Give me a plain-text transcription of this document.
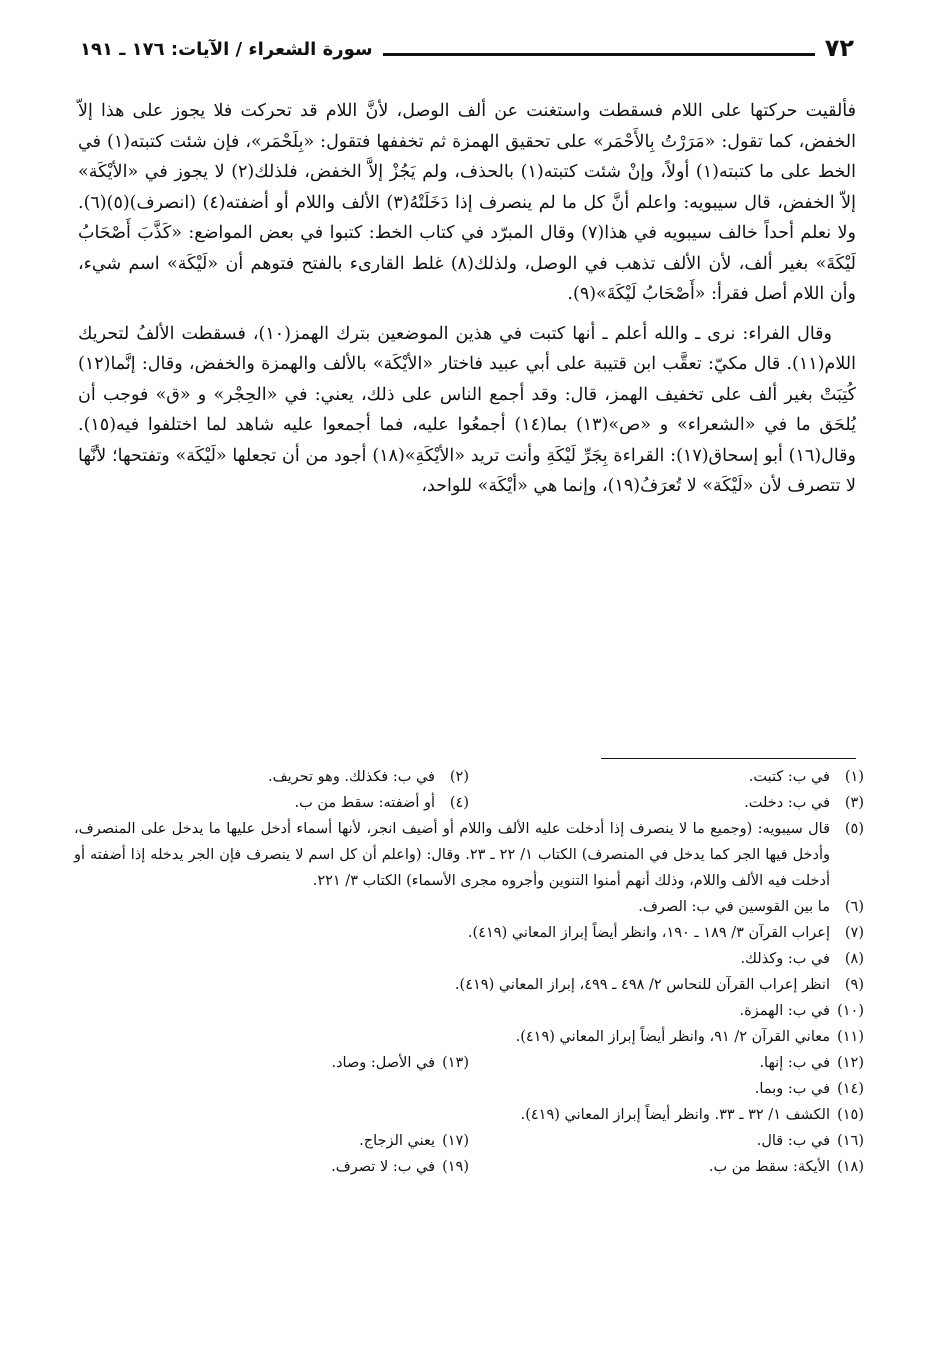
سورة الشعراء / الآيات: ١٧٦ ـ ١٩١	٧٢

فألقيت حركتها على اللام فسقطت واستغنت عن ألف الوصل، لأنَّ اللام قد تحركت فلا يجوز على هذا إلاّ الخفض، كما تقول: «مَرَرْتُ بِالأَحْمَر» على تحقيق الهمزة ثم تخففها فتقول: «بِلَحْمَر»، فإن شئت كتبته(١) في الخط على ما كتبته(١) أولاً، وإنْ شئت كتبته(١) بالحذف، ولم يَجُزْ إلاَّ الخفض، فلذلك(٢) لا يجوز في «الأيْكَة» إلاّ الخفض، قال سيبويه: واعلم أنَّ كل ما لم ينصرف إذا دَخَلَتْهُ(٣) الألف واللام أو أضفته(٤) (انصرف)(٥)(٦). ولا نعلم أحداً خالف سيبويه في هذا(٧) وقال المبرّد في كتاب الخط: كتبوا في بعض المواضع: «كَذَّبَ أَصْحَابُ لَيْكَةَ» بغير ألف، لأن الألف تذهب في الوصل، ولذلك(٨) غلط القارىء بالفتح فتوهم أن «لَيْكَة» اسم شيء، وأن اللام أصل فقرأ: «أَصْحَابُ لَيْكَةَ»(٩).

وقال الفراء: نرى ـ والله أعلم ـ أنها كتبت في هذين الموضعين بترك الهمز(١٠)، فسقطت الألفُ لتحريك اللام(١١). قال مكيّ: تعقَّب ابن قتيبة على أبي عبيد فاختار «الأيْكَة» بالألف والهمزة والخفض، وقال: إنَّما(١٢) كُتِبَتْ بغير ألف على تخفيف الهمز، قال: وقد أجمع الناس على ذلك، يعني: في «الحِجْر» و «ق» فوجب أن يُلحَق ما في «الشعراء» و «ص»(١٣) بما(١٤) أجمعُوا عليه، فما أجمعوا عليه شاهد لما اختلفوا فيه(١٥). وقال(١٦) أبو إسحاق(١٧): القراءة بِجَرِّ لَيْكَةِ وأنت تريد «الأيْكَةِ»(١٨) أجود من أن تجعلها «لَيْكَة» وتفتحها؛ لأنَّها لا تتصرف لأن «لَيْكَة» لا تُعرَفُ(١٩)، وإنما هي «أيْكَة» للواحد،

(١)
في ب: كتبت.
(٢)
في ب: فكذلك. وهو تحريف.
(٣)
في ب: دخلت.
(٤)
أو أضفته: سقط من ب.
(٥)
قال سيبويه: (وجميع ما لا ينصرف إذا أدخلت عليه الألف واللام أو أضيف انجر، لأنها أسماء أدخل عليها ما يدخل على المنصرف، وأدخل فيها الجر كما يدخل في المنصرف) الكتاب ١/ ٢٢ ـ ٢٣. وقال: (واعلم أن كل اسم لا ينصرف فإن الجر يدخله إذا أضفته أو أدخلت فيه الألف واللام، وذلك أنهم أمنوا التنوين وأجروه مجرى الأسماء) الكتاب ٣/ ٢٢١.
(٦)
ما بين القوسين في ب: الصرف.
(٧)
إعراب القرآن ٣/ ١٨٩ ـ ١٩٠، وانظر أيضاً إبراز المعاني (٤١٩).
(٨)
في ب: وكذلك.
(٩)
انظر إعراب القرآن للنحاس ٢/ ٤٩٨ ـ ٤٩٩، إبراز المعاني (٤١٩).
(١٠)
في ب: الهمزة.
(١١)
معاني القرآن ٢/ ٩١، وانظر أيضاً إبراز المعاني (٤١٩).
(١٢)
في ب: إنها.
(١٣)
في الأصل: وصاد.
(١٤)
في ب: وبما.
(١٥)
الكشف ١/ ٣٢ ـ ٣٣. وانظر أيضاً إبراز المعاني (٤١٩).
(١٦)
في ب: قال.
(١٧)
يعني الزجاج.
(١٨)
الأيكة: سقط من ب.
(١٩)
في ب: لا تصرف.
